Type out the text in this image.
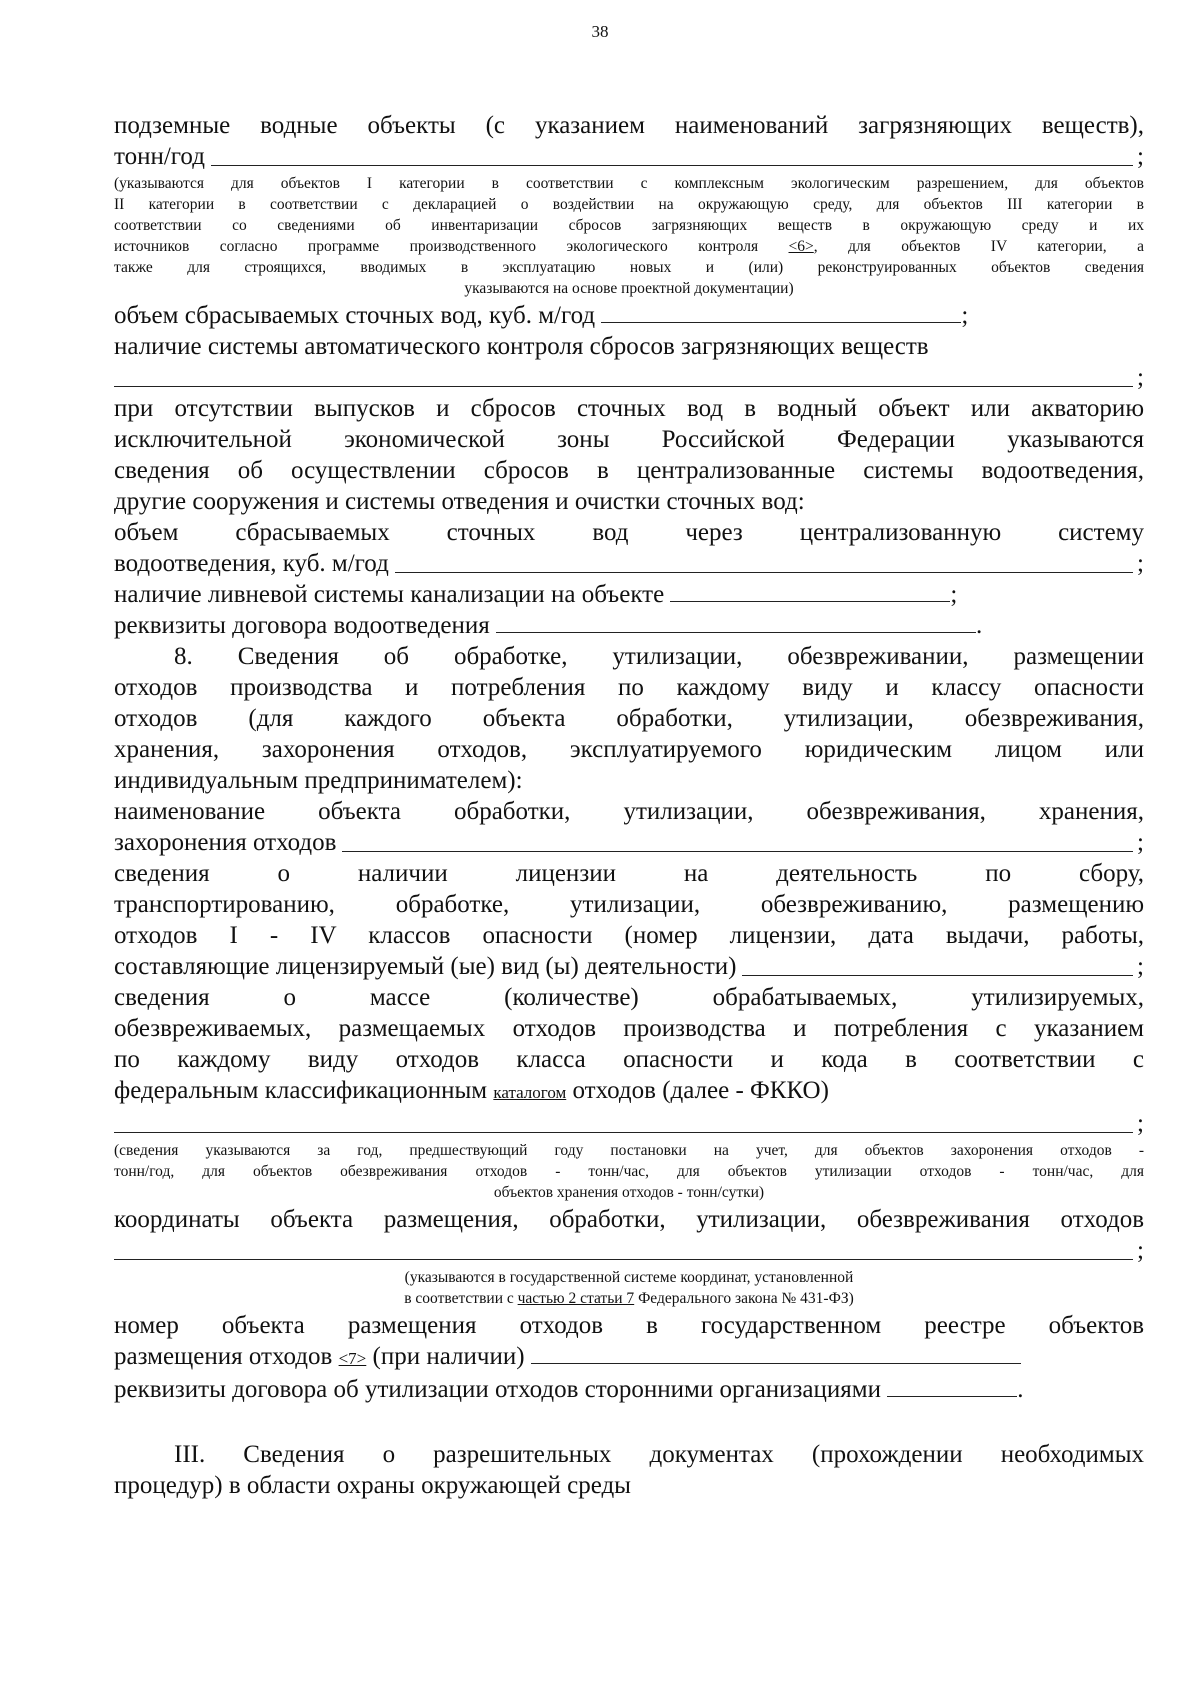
38
подземные водные объекты (с указанием наименований загрязняющих веществ),
тонн/год	;
(указываются для объектов I категории в соответствии с комплексным экологическим разрешением, для объектов
II категории в соответствии с декларацией о воздействии на окружающую среду, для объектов III категории в
соответствии со сведениями об инвентаризации сбросов загрязняющих веществ в окружающую среду и их
источников согласно программе производственного экологического контроля <6>, для объектов IV категории, а
также для строящихся, вводимых в эксплуатацию новых и (или) реконструированных объектов сведения
указываются на основе проектной документации)
объем сбрасываемых сточных вод, куб. м/год	;
наличие системы автоматического контроля сбросов загрязняющих веществ
;
при отсутствии выпусков и сбросов сточных вод в водный объект или акваторию
исключительной экономической зоны Российской Федерации указываются
сведения об осуществлении сбросов в централизованные системы водоотведения,
другие сооружения и системы отведения и очистки сточных вод:
объем сбрасываемых сточных вод через централизованную систему
водоотведения, куб. м/год	;
наличие ливневой системы канализации на объекте	;
реквизиты договора водоотведения	.
8. Сведения об обработке, утилизации, обезвреживании, размещении
отходов производства и потребления по каждому виду и классу опасности
отходов (для каждого объекта обработки, утилизации, обезвреживания,
хранения, захоронения отходов, эксплуатируемого юридическим лицом или
индивидуальным предпринимателем):
наименование объекта обработки, утилизации, обезвреживания, хранения,
захоронения отходов	;
сведения о наличии лицензии на деятельность по сбору,
транспортированию, обработке, утилизации, обезвреживанию, размещению
отходов I - IV классов опасности (номер лицензии, дата выдачи, работы,
составляющие лицензируемый (ые) вид (ы) деятельности)	;
сведения о массе (количестве) обрабатываемых, утилизируемых,
обезвреживаемых, размещаемых отходов производства и потребления с указанием
по каждому виду отходов класса опасности и кода в соответствии с
федеральным классификационным каталогом отходов (далее - ФККО)
;
(сведения указываются за год, предшествующий году постановки на учет, для объектов захоронения отходов -
тонн/год, для объектов обезвреживания отходов - тонн/час, для объектов утилизации отходов - тонн/час, для
объектов хранения отходов - тонн/сутки)
координаты объекта размещения, обработки, утилизации, обезвреживания отходов
;
(указываются в государственной системе координат, установленной
в соответствии с частью 2 статьи 7 Федерального закона № 431-ФЗ)
номер объекта размещения отходов в государственном реестре объектов
размещения отходов <7> (при наличии)
реквизиты договора об утилизации отходов сторонними организациями	.
III. Сведения о разрешительных документах (прохождении необходимых
процедур) в области охраны окружающей среды
